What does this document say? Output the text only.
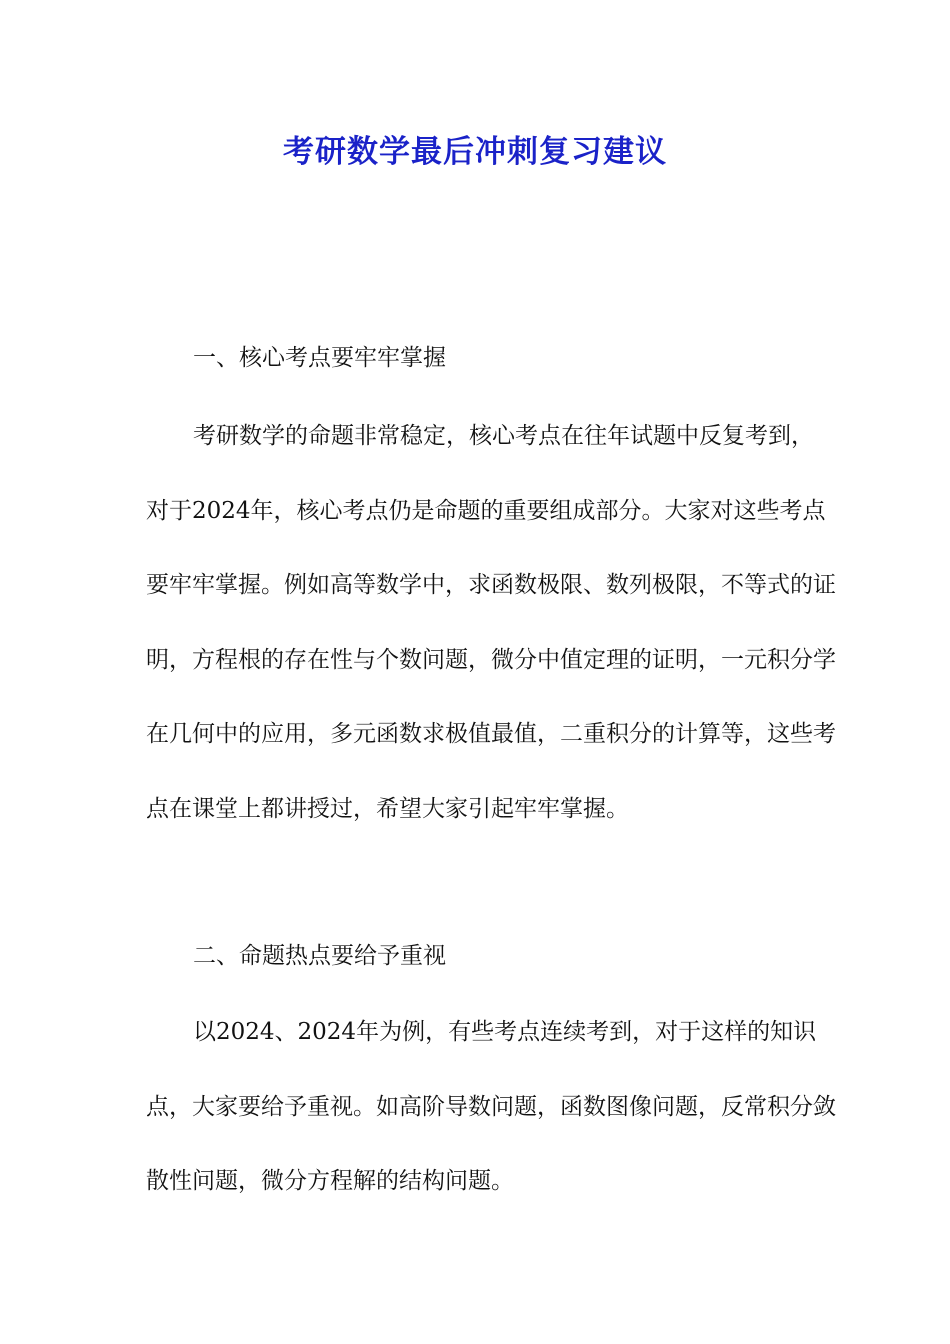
考研数学最后冲刺复习建议
一、核心考点要牢牢掌握

考研数学的命题非常稳定，核心考点在往年试题中反复考到，对于2024年，核心考点仍是命题的重要组成部分。大家对这些考点要牢牢掌握。例如高等数学中，求函数极限、数列极限，不等式的证明，方程根的存在性与个数问题，微分中值定理的证明，一元积分学在几何中的应用，多元函数求极值最值，二重积分的计算等，这些考点在课堂上都讲授过，希望大家引起牢牢掌握。

二、命题热点要给予重视

以2024、2024年为例，有些考点连续考到，对于这样的知识点，大家要给予重视。如高阶导数问题，函数图像问题，反常积分敛散性问题，微分方程解的结构问题。
